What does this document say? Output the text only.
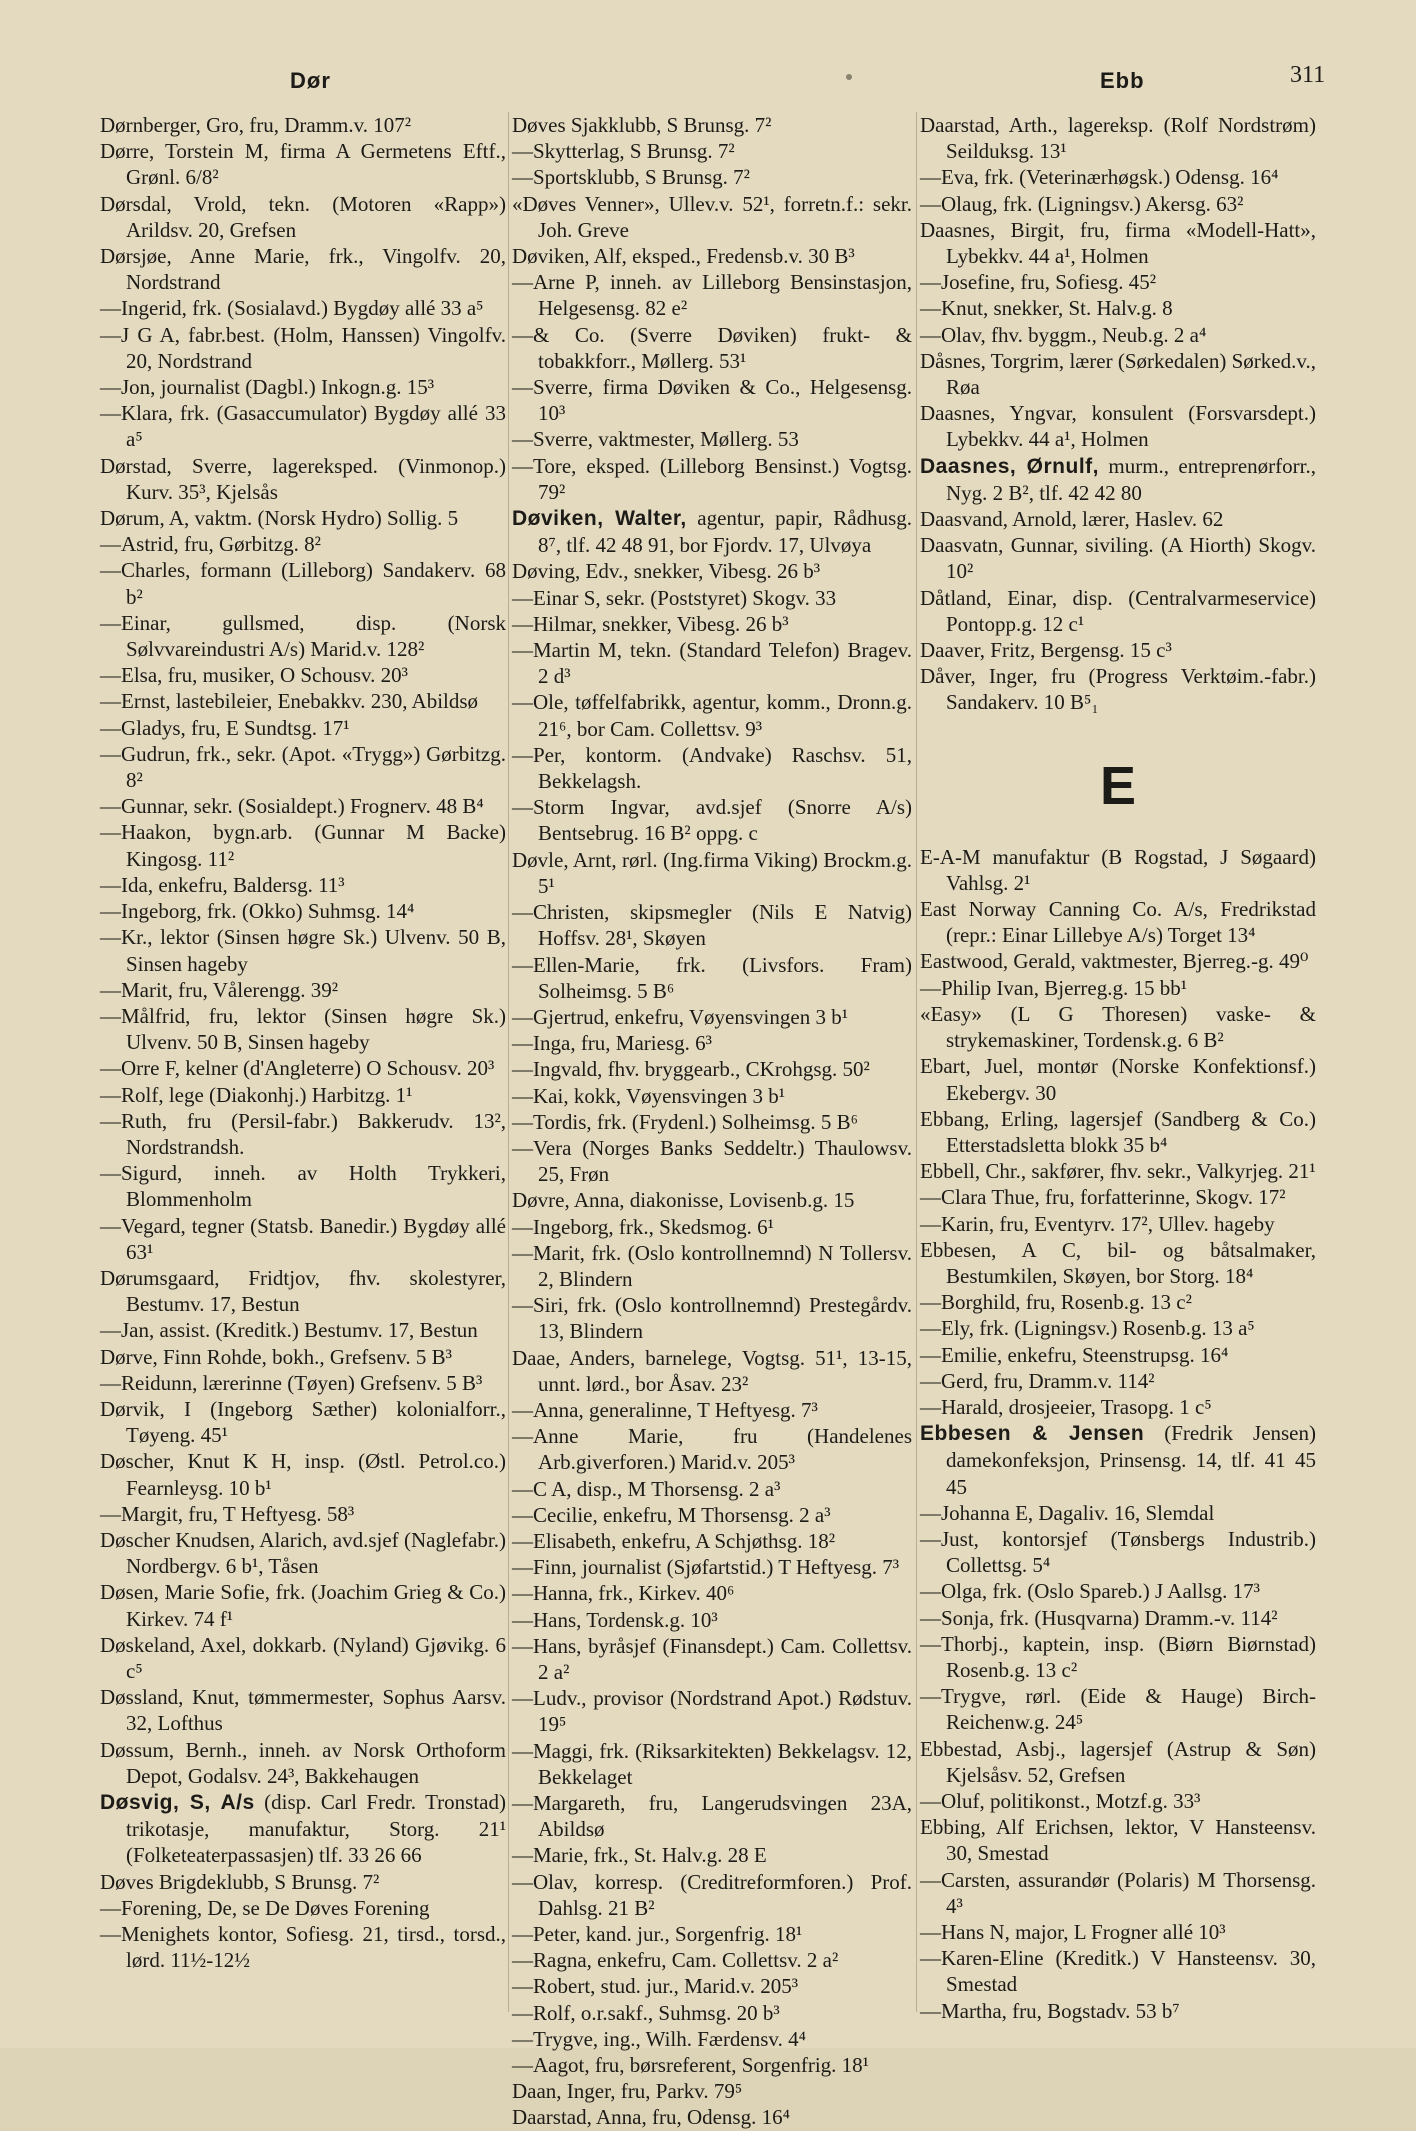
Dør	Ebb	311

Dørnberger, Gro, fru, Dramm.v. 107²

Dørre, Torstein M, firma A Germetens Eftf., Grønl. 6/8²

Dørsdal, Vrold, tekn. (Motoren «Rapp») Arildsv. 20, Grefsen

Dørsjøe, Anne Marie, frk., Vingolfv. 20, Nordstrand

—Ingerid, frk. (Sosialavd.) Bygdøy allé 33 a⁵

—J G A, fabr.best. (Holm, Hanssen) Vingolfv. 20, Nordstrand

—Jon, journalist (Dagbl.) Inkogn.g. 15³

—Klara, frk. (Gasaccumulator) Bygdøy allé 33 a⁵

Dørstad, Sverre, lagereksped. (Vinmonop.) Kurv. 35³, Kjelsås

Dørum, A, vaktm. (Norsk Hydro) Sollig. 5

—Astrid, fru, Gørbitzg. 8²

—Charles, formann (Lilleborg) Sandakerv. 68 b²

—Einar, gullsmed, disp. (Norsk Sølvvareindustri A/s) Marid.v. 128²

—Elsa, fru, musiker, O Schousv. 20³

—Ernst, lastebileier, Enebakkv. 230, Abildsø

—Gladys, fru, E Sundtsg. 17¹

—Gudrun, frk., sekr. (Apot. «Trygg») Gørbitzg. 8²

—Gunnar, sekr. (Sosialdept.) Frognerv. 48 B⁴

—Haakon, bygn.arb. (Gunnar M Backe) Kingosg. 11²

—Ida, enkefru, Baldersg. 11³

—Ingeborg, frk. (Okko) Suhmsg. 14⁴

—Kr., lektor (Sinsen høgre Sk.) Ulvenv. 50 B, Sinsen hageby

—Marit, fru, Vålerengg. 39²

—Målfrid, fru, lektor (Sinsen høgre Sk.) Ulvenv. 50 B, Sinsen hageby

—Orre F, kelner (d'Angleterre) O Schousv. 20³

—Rolf, lege (Diakonhj.) Harbitzg. 1¹

—Ruth, fru (Persil-fabr.) Bakkerudv. 13², Nordstrandsh.

—Sigurd, inneh. av Holth Trykkeri, Blommenholm

—Vegard, tegner (Statsb. Banedir.) Bygdøy allé 63¹

Dørumsgaard, Fridtjov, fhv. skolestyrer, Bestumv. 17, Bestun

—Jan, assist. (Kreditk.) Bestumv. 17, Bestun

Dørve, Finn Rohde, bokh., Grefsenv. 5 B³

—Reidunn, lærerinne (Tøyen) Grefsenv. 5 B³

Dørvik, I (Ingeborg Sæther) kolonialforr., Tøyeng. 45¹

Døscher, Knut K H, insp. (Østl. Petrol.co.) Fearnleysg. 10 b¹

—Margit, fru, T Heftyesg. 58³

Døscher Knudsen, Alarich, avd.sjef (Naglefabr.) Nordbergv. 6 b¹, Tåsen

Døsen, Marie Sofie, frk. (Joachim Grieg & Co.) Kirkev. 74 f¹

Døskeland, Axel, dokkarb. (Nyland) Gjøvikg. 6 c⁵

Døssland, Knut, tømmermester, Sophus Aarsv. 32, Lofthus

Døssum, Bernh., inneh. av Norsk Orthoform Depot, Godalsv. 24³, Bakkehaugen

Døsvig, S, A/s (disp. Carl Fredr. Tronstad) trikotasje, manufaktur, Storg. 21¹ (Folketeaterpassasjen) tlf. 33 26 66

Døves Brigdeklubb, S Brunsg. 7²

—Forening, De, se De Døves Forening

—Menighets kontor, Sofiesg. 21, tirsd., torsd., lørd. 11½-12½

Døves Sjakklubb, S Brunsg. 7²

—Skytterlag, S Brunsg. 7²

—Sportsklubb, S Brunsg. 7²

«Døves Venner», Ullev.v. 52¹, forretn.f.: sekr. Joh. Greve

Døviken, Alf, eksped., Fredensb.v. 30 B³

—Arne P, inneh. av Lilleborg Bensinstasjon, Helgesensg. 82 e²

—& Co. (Sverre Døviken) frukt- & tobakkforr., Møllerg. 53¹

—Sverre, firma Døviken & Co., Helgesensg. 10³

—Sverre, vaktmester, Møllerg. 53

—Tore, eksped. (Lilleborg Bensinst.) Vogtsg. 79²

Døviken, Walter, agentur, papir, Rådhusg. 8⁷, tlf. 42 48 91, bor Fjordv. 17, Ulvøya

Døving, Edv., snekker, Vibesg. 26 b³

—Einar S, sekr. (Poststyret) Skogv. 33

—Hilmar, snekker, Vibesg. 26 b³

—Martin M, tekn. (Standard Telefon) Bragev. 2 d³

—Ole, tøffelfabrikk, agentur, komm., Dronn.g. 21⁶, bor Cam. Collettsv. 9³

—Per, kontorm. (Andvake) Raschsv. 51, Bekkelagsh.

—Storm Ingvar, avd.sjef (Snorre A/s) Bentsebrug. 16 B² oppg. c

Døvle, Arnt, rørl. (Ing.firma Viking) Brockm.g. 5¹

—Christen, skipsmegler (Nils E Natvig) Hoffsv. 28¹, Skøyen

—Ellen-Marie, frk. (Livsfors. Fram) Solheimsg. 5 B⁶

—Gjertrud, enkefru, Vøyensvingen 3 b¹

—Inga, fru, Mariesg. 6³

—Ingvald, fhv. bryggearb., CKrohgsg. 50²

—Kai, kokk, Vøyensvingen 3 b¹

—Tordis, frk. (Frydenl.) Solheimsg. 5 B⁶

—Vera (Norges Banks Seddeltr.) Thaulowsv. 25, Frøn

Døvre, Anna, diakonisse, Lovisenb.g. 15

—Ingeborg, frk., Skedsmog. 6¹

—Marit, frk. (Oslo kontrollnemnd) N Tollersv. 2, Blindern

—Siri, frk. (Oslo kontrollnemnd) Prestegårdv. 13, Blindern

Daae, Anders, barnelege, Vogtsg. 51¹, 13-15, unnt. lørd., bor Åsav. 23²

—Anna, generalinne, T Heftyesg. 7³

—Anne Marie, fru (Handelenes Arb.giverforen.) Marid.v. 205³

—C A, disp., M Thorsensg. 2 a³

—Cecilie, enkefru, M Thorsensg. 2 a³

—Elisabeth, enkefru, A Schjøthsg. 18²

—Finn, journalist (Sjøfartstid.) T Heftyesg. 7³

—Hanna, frk., Kirkev. 40⁶

—Hans, Tordensk.g. 10³

—Hans, byråsjef (Finansdept.) Cam. Collettsv. 2 a²

—Ludv., provisor (Nordstrand Apot.) Rødstuv. 19⁵

—Maggi, frk. (Riksarkitekten) Bekkelagsv. 12, Bekkelaget

—Margareth, fru, Langerudsvingen 23A, Abildsø

—Marie, frk., St. Halv.g. 28 E

—Olav, korresp. (Creditreformforen.) Prof. Dahlsg. 21 B²

—Peter, kand. jur., Sorgenfrig. 18¹

—Ragna, enkefru, Cam. Collettsv. 2 a²

—Robert, stud. jur., Marid.v. 205³

—Rolf, o.r.sakf., Suhmsg. 20 b³

—Trygve, ing., Wilh. Færdensv. 4⁴

—Aagot, fru, børsreferent, Sorgenfrig. 18¹

Daan, Inger, fru, Parkv. 79⁵

Daarstad, Anna, fru, Odensg. 16⁴

Daarstad, Arth., lagereksp. (Rolf Nordstrøm) Seilduksg. 13¹

—Eva, frk. (Veterinærhøgsk.) Odensg. 16⁴

—Olaug, frk. (Ligningsv.) Akersg. 63²

Daasnes, Birgit, fru, firma «Modell-Hatt», Lybekkv. 44 a¹, Holmen

—Josefine, fru, Sofiesg. 45²

—Knut, snekker, St. Halv.g. 8

—Olav, fhv. byggm., Neub.g. 2 a⁴

Dåsnes, Torgrim, lærer (Sørkedalen) Sørked.v., Røa

Daasnes, Yngvar, konsulent (Forsvarsdept.) Lybekkv. 44 a¹, Holmen

Daasnes, Ørnulf, murm., entreprenørforr., Nyg. 2 B², tlf. 42 42 80

Daasvand, Arnold, lærer, Haslev. 62

Daasvatn, Gunnar, siviling. (A Hiorth) Skogv. 10²

Dåtland, Einar, disp. (Centralvarmeservice) Pontopp.g. 12 c¹

Daaver, Fritz, Bergensg. 15 c³

Dåver, Inger, fru (Progress Verktøim.-fabr.) Sandakerv. 10 B⁵₁

E

E-A-M manufaktur (B Rogstad, J Søgaard) Vahlsg. 2¹

East Norway Canning Co. A/s, Fredrikstad (repr.: Einar Lillebye A/s) Torget 13⁴

Eastwood, Gerald, vaktmester, Bjerreg.-g. 49⁰

—Philip Ivan, Bjerreg.g. 15 bb¹

«Easy» (L G Thoresen) vaske- & strykemaskiner, Tordensk.g. 6 B²

Ebart, Juel, montør (Norske Konfektionsf.) Ekebergv. 30

Ebbang, Erling, lagersjef (Sandberg & Co.) Etterstadsletta blokk 35 b⁴

Ebbell, Chr., sakfører, fhv. sekr., Valkyrjeg. 21¹

—Clara Thue, fru, forfatterinne, Skogv. 17²

—Karin, fru, Eventyrv. 17², Ullev. hageby

Ebbesen, A C, bil- og båtsalmaker, Bestumkilen, Skøyen, bor Storg. 18⁴

—Borghild, fru, Rosenb.g. 13 c²

—Ely, frk. (Ligningsv.) Rosenb.g. 13 a⁵

—Emilie, enkefru, Steenstrupsg. 16⁴

—Gerd, fru, Dramm.v. 114²

—Harald, drosjeeier, Trasopg. 1 c⁵

Ebbesen & Jensen (Fredrik Jensen) damekonfeksjon, Prinsensg. 14, tlf. 41 45 45

—Johanna E, Dagaliv. 16, Slemdal

—Just, kontorsjef (Tønsbergs Industrib.) Collettsg. 5⁴

—Olga, frk. (Oslo Spareb.) J Aallsg. 17³

—Sonja, frk. (Husqvarna) Dramm.-v. 114²

—Thorbj., kaptein, insp. (Biørn Biørnstad) Rosenb.g. 13 c²

—Trygve, rørl. (Eide & Hauge) Birch-Reichenw.g. 24⁵

Ebbestad, Asbj., lagersjef (Astrup & Søn) Kjelsåsv. 52, Grefsen

—Oluf, politikonst., Motzf.g. 33³

Ebbing, Alf Erichsen, lektor, V Hansteensv. 30, Smestad

—Carsten, assurandør (Polaris) M Thorsensg. 4³

—Hans N, major, L Frogner allé 10³

—Karen-Eline (Kreditk.) V Hansteensv. 30, Smestad

—Martha, fru, Bogstadv. 53 b⁷
